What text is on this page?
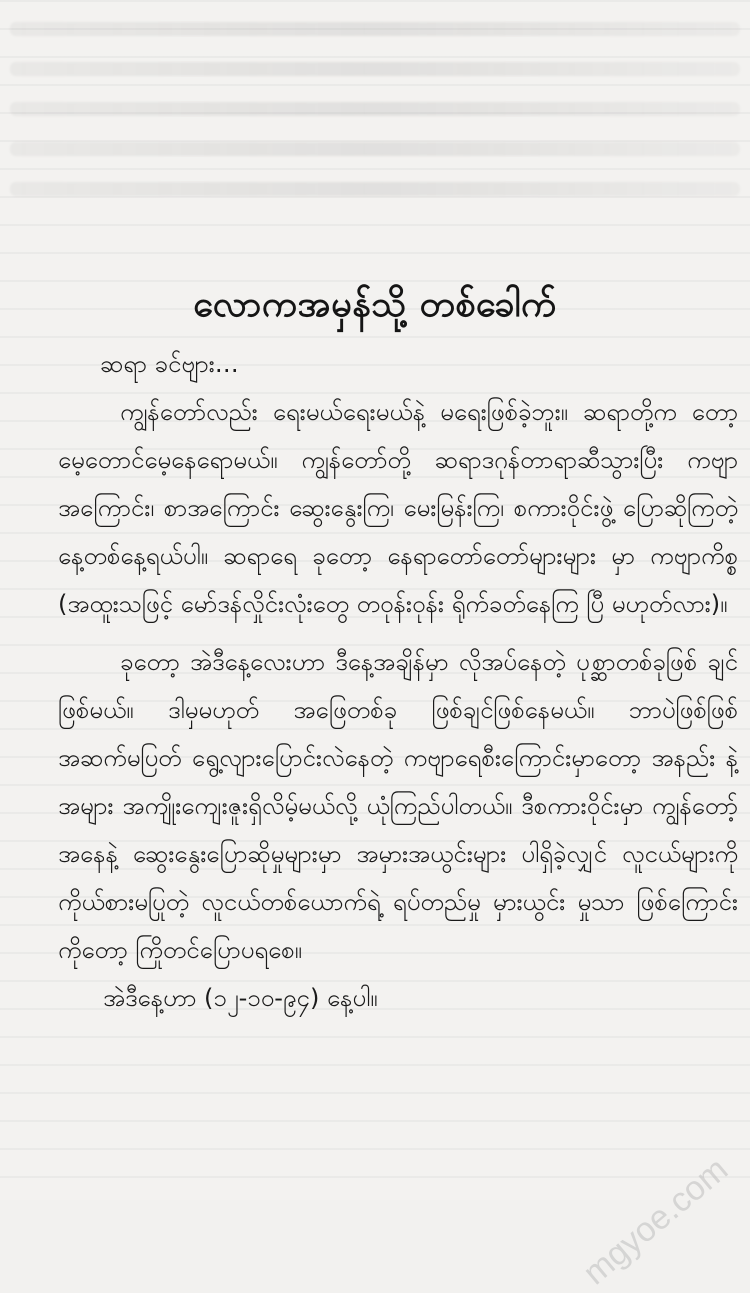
လောကအမှန်သို့ တစ်ခေါက်

ဆရာ ခင်ဗျား…

ကျွန်တော်လည်း ရေးမယ်ရေးမယ်နဲ့ မရေးဖြစ်ခဲ့ဘူး။ ဆရာတို့က တော့ မေ့တောင်မေ့နေရောမယ်။ ကျွန်တော်တို့ ဆရာဒဂုန်တာရာဆီသွားပြီး ကဗျာအကြောင်း၊ စာအကြောင်း ဆွေးနွေးကြ၊ မေးမြန်းကြ၊ စကားဝိုင်းဖွဲ့ ပြောဆိုကြတဲ့ နေ့တစ်နေ့ရယ်ပါ။ ဆရာရေ ခုတော့ နေရာတော်တော်များများ မှာ ကဗျာကိစ္စ (အထူးသဖြင့် မော်ဒန်လှိုင်းလုံးတွေ တဝုန်းဝုန်း ရိုက်ခတ်နေကြ ပြီ မဟုတ်လား)။

ခုတော့ အဲဒီနေ့လေးဟာ ဒီနေ့အချိန်မှာ လိုအပ်နေတဲ့ ပုစ္ဆာတစ်ခုဖြစ် ချင်ဖြစ်မယ်။ ဒါမှမဟုတ် အဖြေတစ်ခု ဖြစ်ချင်ဖြစ်နေမယ်။ ဘာပဲဖြစ်ဖြစ် အဆက်မပြတ် ရွေ့လျားပြောင်းလဲနေတဲ့ ကဗျာရေစီးကြောင်းမှာတော့ အနည်း နဲ့အများ အကျိုးကျေးဇူးရှိလိမ့်မယ်လို့ ယုံကြည်ပါတယ်။ ဒီစကားဝိုင်းမှာ ကျွန်တော့်အနေနဲ့ ဆွေးနွေးပြောဆိုမှုများမှာ အမှားအယွင်းများ ပါရှိခဲ့လျှင် လူငယ်များကို ကိုယ်စားမပြုတဲ့ လူငယ်တစ်ယောက်ရဲ့ ရပ်တည်မှု မှားယွင်း မှုသာ ဖြစ်ကြောင်းကိုတော့ ကြိုတင်ပြောပရစေ။

အဲဒီနေ့ဟာ (၁၂-၁၀-၉၄) နေ့ပါ။

mgyoe.com
